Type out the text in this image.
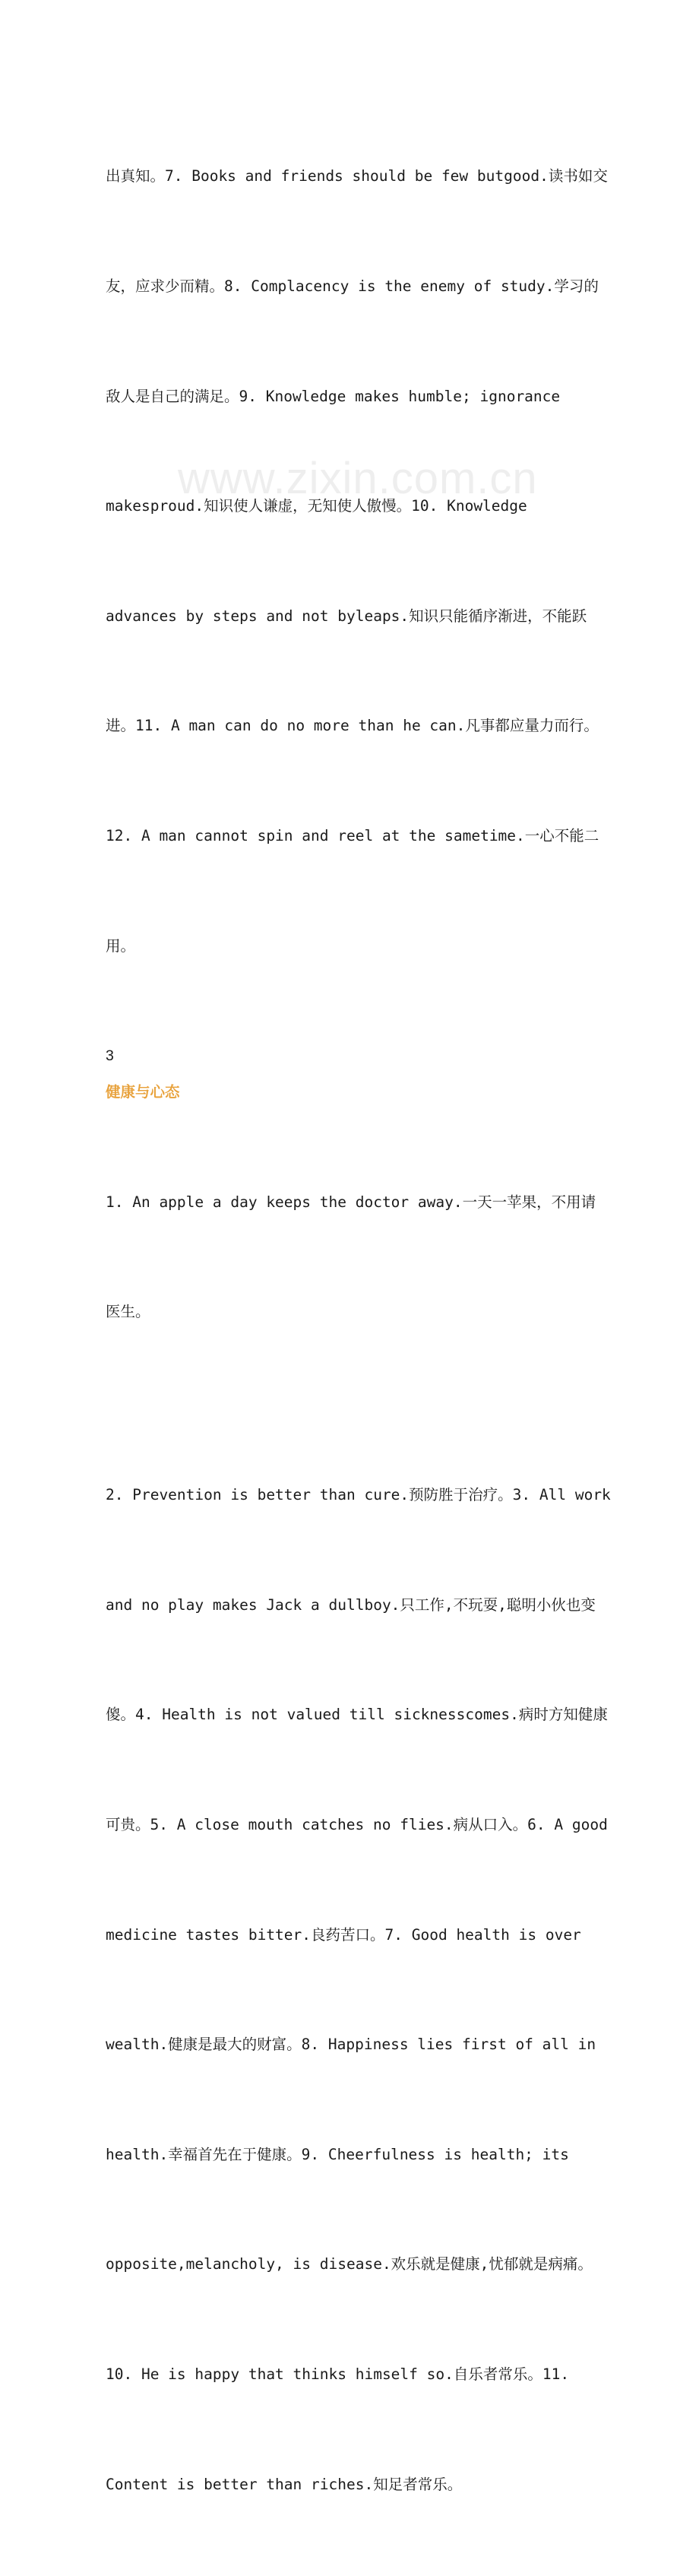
www.zixin.com.cn

出真知。7. Books and friends should be few butgood.读书如交

友，应求少而精。8. Complacency is the enemy of study.学习的

敌人是自己的满足。9. Knowledge makes humble; ignorance

makesproud.知识使人谦虚，无知使人傲慢。10. Knowledge

advances by steps and not byleaps.知识只能循序渐进，不能跃

进。11. A man can do no more than he can.凡事都应量力而行。

12. A man cannot spin and reel at the sametime.一心不能二

用。

3

健康与心态

1. An apple a day keeps the doctor away.一天一苹果，不用请

医生。

2. Prevention is better than cure.预防胜于治疗。3. All work

and no play makes Jack a dullboy.只工作,不玩耍,聪明小伙也变

傻。4. Health is not valued till sicknesscomes.病时方知健康

可贵。5. A close mouth catches no flies.病从口入。6. A good

medicine tastes bitter.良药苦口。7. Good health is over

wealth.健康是最大的财富。8. Happiness lies first of all in

health.幸福首先在于健康。9. Cheerfulness is health; its

opposite,melancholy, is disease.欢乐就是健康,忧郁就是病痛。

10. He is happy that thinks himself so.自乐者常乐。11.

Content is better than riches.知足者常乐。
